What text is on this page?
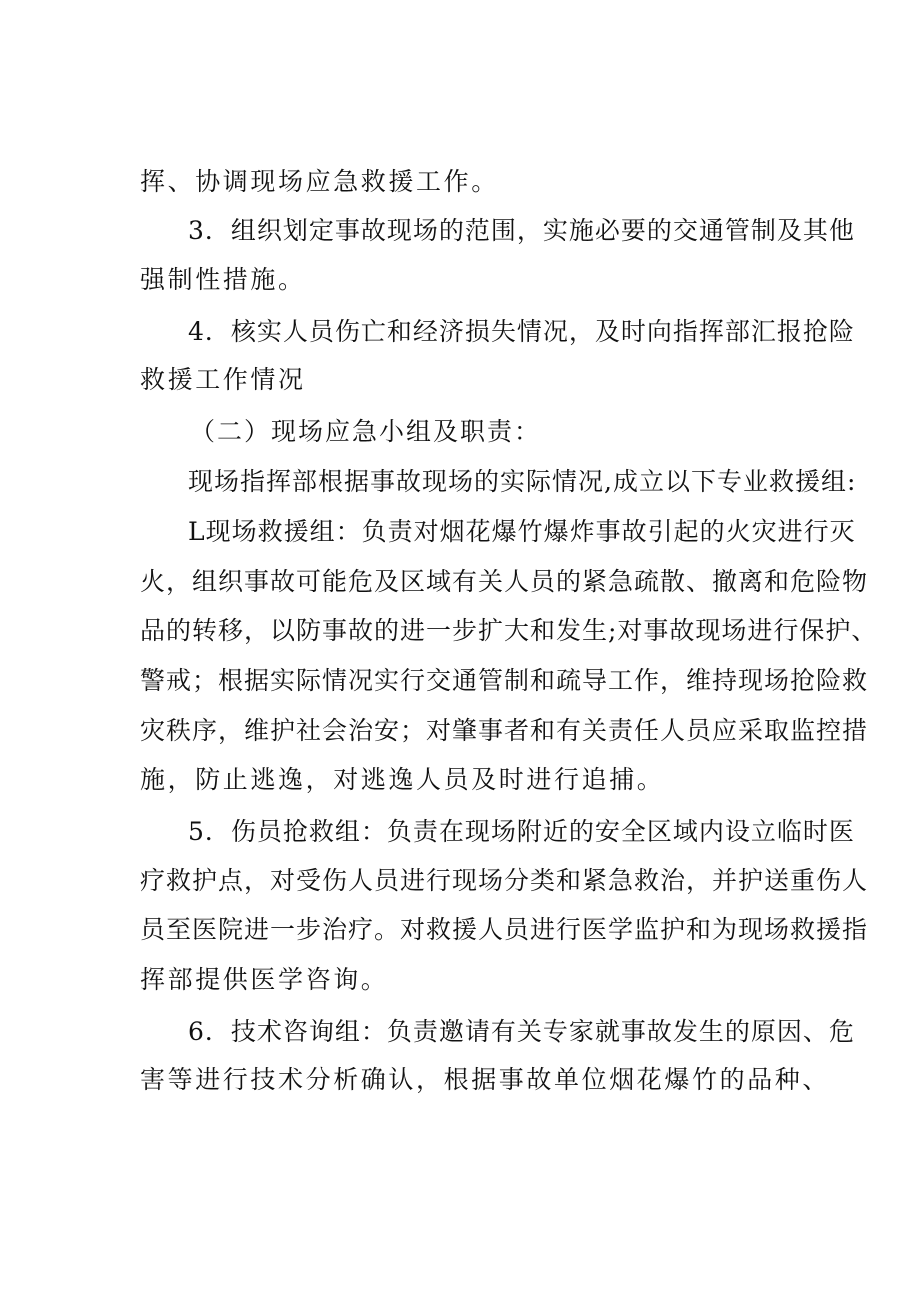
挥、协调现场应急救援工作。
3．组织划定事故现场的范围，实施必要的交通管制及其他
强制性措施。
4．核实人员伤亡和经济损失情况，及时向指挥部汇报抢险
救援工作情况
（二）现场应急小组及职责：
现场指挥部根据事故现场的实际情况,成立以下专业救援组:
L现场救援组：负责对烟花爆竹爆炸事故引起的火灾进行灭
火，组织事故可能危及区域有关人员的紧急疏散、撤离和危险物
品的转移，以防事故的进一步扩大和发生;对事故现场进行保护、
警戒；根据实际情况实行交通管制和疏导工作，维持现场抢险救
灾秩序，维护社会治安；对肇事者和有关责任人员应采取监控措
施，防止逃逸，对逃逸人员及时进行追捕。
5．伤员抢救组：负责在现场附近的安全区域内设立临时医
疗救护点，对受伤人员进行现场分类和紧急救治，并护送重伤人
员至医院进一步治疗。对救援人员进行医学监护和为现场救援指
挥部提供医学咨询。
6．技术咨询组：负责邀请有关专家就事故发生的原因、危
害等进行技术分析确认，根据事故单位烟花爆竹的品种、
